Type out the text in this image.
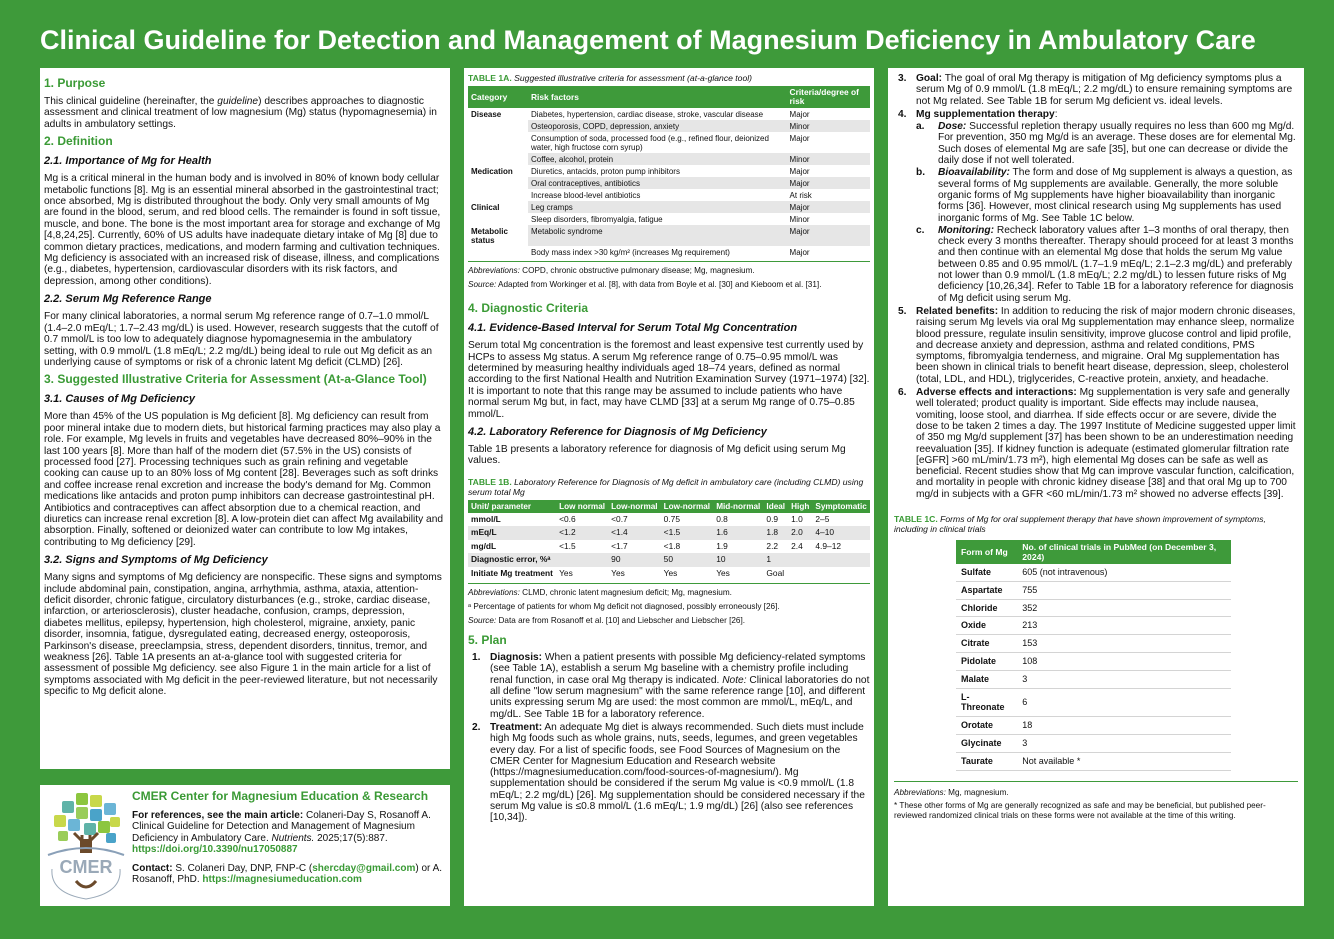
Clinical Guideline for Detection and Management of Magnesium Deficiency in Ambulatory Care
1. Purpose

This clinical guideline (hereinafter, the guideline) describes approaches to diagnostic assessment and clinical treatment of low magnesium (Mg) status (hypomagnesemia) in adults in ambulatory settings.

2. Definition
2.1. Importance of Mg for Health

Mg is a critical mineral in the human body and is involved in 80% of known body cellular metabolic functions [8]. Mg is an essential mineral absorbed in the gastrointestinal tract; once absorbed, Mg is distributed throughout the body. Only very small amounts of Mg are found in the blood, serum, and red blood cells. The remainder is found in soft tissue, muscle, and bone. The bone is the most important area for storage and exchange of Mg [4,8,24,25]. Currently, 60% of US adults have inadequate dietary intake of Mg [8] due to common dietary practices, medications, and modern farming and cultivation techniques. Mg deficiency is associated with an increased risk of disease, illness, and complications (e.g., diabetes, hypertension, cardiovascular disorders with its risk factors, and depression, among other conditions).

2.2. Serum Mg Reference Range

For many clinical laboratories, a normal serum Mg reference range of 0.7–1.0 mmol/L (1.4–2.0 mEq/L; 1.7–2.43 mg/dL) is used. However, research suggests that the cutoff of 0.7 mmol/L is too low to adequately diagnose hypomagnesemia in the ambulatory setting, with 0.9 mmol/L (1.8 mEq/L; 2.2 mg/dL) being ideal to rule out Mg deficit as an underlying cause of symptoms or risk of a chronic latent Mg deficit (CLMD) [26].

3. Suggested Illustrative Criteria for Assessment (At-a-Glance Tool)
3.1. Causes of Mg Deficiency

More than 45% of the US population is Mg deficient [8]. Mg deficiency can result from poor mineral intake due to modern diets, but historical farming practices may also play a role. For example, Mg levels in fruits and vegetables have decreased 80%–90% in the last 100 years [8]. More than half of the modern diet (57.5% in the US) consists of processed food [27]. Processing techniques such as grain refining and vegetable cooking can cause up to an 80% loss of Mg content [28]. Beverages such as soft drinks and coffee increase renal excretion and increase the body's demand for Mg. Common medications like antacids and proton pump inhibitors can decrease gastrointestinal pH. Antibiotics and contraceptives can affect absorption due to a chemical reaction, and diuretics can increase renal excretion [8]. A low-protein diet can affect Mg availability and absorption. Finally, softened or deionized water can contribute to low Mg intakes, contributing to Mg deficiency [29].

3.2. Signs and Symptoms of Mg Deficiency

Many signs and symptoms of Mg deficiency are nonspecific. These signs and symptoms include abdominal pain, constipation, angina, arrhythmia, asthma, ataxia, attention-deficit disorder, chronic fatigue, circulatory disturbances (e.g., stroke, cardiac disease, infarction, or arteriosclerosis), cluster headache, confusion, cramps, depression, diabetes mellitus, epilepsy, hypertension, high cholesterol, migraine, anxiety, panic disorder, insomnia, fatigue, dysregulated eating, decreased energy, osteoporosis, Parkinson's disease, preeclampsia, stress, dependent disorders, tinnitus, tremor, and weakness [26]. Table 1A presents an at-a-glance tool with suggested criteria for assessment of possible Mg deficiency. see also Figure 1 in the main article for a list of symptoms associated with Mg deficit in the peer-reviewed literature, but not necessarily specific to Mg deficit alone.

CMER
CMER Center for Magnesium Education & Research

For references, see the main article: Colaneri-Day S, Rosanoff A. Clinical Guideline for Detection and Management of Magnesium Deficiency in Ambulatory Care. Nutrients. 2025;17(5):887. https://doi.org/10.3390/nu17050887

Contact: S. Colaneri Day, DNP, FNP-C (shercday@gmail.com) or A. Rosanoff, PhD. https://magnesiumeducation.com

TABLE 1A. Suggested illustrative criteria for assessment (at-a-glance tool)
Category	Risk factors	Criteria/degree of risk
Disease	Diabetes, hypertension, cardiac disease, stroke, vascular disease	Major
	Osteoporosis, COPD, depression, anxiety	Minor
	Consumption of soda, processed food (e.g., refined flour, deionized water, high fructose corn syrup)	Major
	Coffee, alcohol, protein	Minor
Medication	Diuretics, antacids, proton pump inhibitors	Major
	Oral contraceptives, antibiotics	Major
	Increase blood-level antibiotics	At risk
Clinical	Leg cramps	Major
	Sleep disorders, fibromyalgia, fatigue	Minor
Metabolic status	Metabolic syndrome	Major
	Body mass index >30 kg/m² (increases Mg requirement)	Major
Abbreviations: COPD, chronic obstructive pulmonary disease; Mg, magnesium.
Source: Adapted from Workinger et al. [8], with data from Boyle et al. [30] and Kieboom et al. [31].
4. Diagnostic Criteria
4.1. Evidence-Based Interval for Serum Total Mg Concentration

Serum total Mg concentration is the foremost and least expensive test currently used by HCPs to assess Mg status. A serum Mg reference range of 0.75–0.95 mmol/L was determined by measuring healthy individuals aged 18–74 years, defined as normal according to the first National Health and Nutrition Examination Survey (1971–1974) [32]. It is important to note that this range may be assumed to include patients who have normal serum Mg but, in fact, may have CLMD [33] at a serum Mg range of 0.75–0.85 mmol/L.

4.2. Laboratory Reference for Diagnosis of Mg Deficiency

Table 1B presents a laboratory reference for diagnosis of Mg deficit using serum Mg values.

TABLE 1B. Laboratory Reference for Diagnosis of Mg deficit in ambulatory care (including CLMD) using serum total Mg
Unit/ parameter	Low normal	Low-normal	Low-normal	Mid-normal	Ideal	High	Symptomatic
mmol/L	<0.6	<0.7	0.75	0.8	0.9	1.0	2–5
mEq/L	<1.2	<1.4	<1.5	1.6	1.8	2.0	4–10
mg/dL	<1.5	<1.7	<1.8	1.9	2.2	2.4	4.9–12
Diagnostic error, %ᵃ		90	50	10	1		
Initiate Mg treatment	Yes	Yes	Yes	Yes	Goal		
Abbreviations: CLMD, chronic latent magnesium deficit; Mg, magnesium.
ᵃ Percentage of patients for whom Mg deficit not diagnosed, possibly erroneously [26].
Source: Data are from Rosanoff et al. [10] and Liebscher and Liebscher [26].
5. Plan
1. Diagnosis: When a patient presents with possible Mg deficiency-related symptoms (see Table 1A), establish a serum Mg baseline with a chemistry profile including renal function, in case oral Mg therapy is indicated. Note: Clinical laboratories do not all define "low serum magnesium" with the same reference range [10], and different units expressing serum Mg are used: the most common are mmol/L, mEq/L, and mg/dL. See Table 1B for a laboratory reference.
2. Treatment: An adequate Mg diet is always recommended. Such diets must include high Mg foods such as whole grains, nuts, seeds, legumes, and green vegetables every day. For a list of specific foods, see Food Sources of Magnesium on the CMER Center for Magnesium Education and Research website (https://magnesiumeducation.com/food-sources-of-magnesium/). Mg supplementation should be considered if the serum Mg value is <0.9 mmol/L (1.8 mEq/L; 2.2 mg/dL) [26]. Mg supplementation should be considered necessary if the serum Mg value is ≤0.8 mmol/L (1.6 mEq/L; 1.9 mg/dL) [26] (also see references [10,34]).
3. Goal: The goal of oral Mg therapy is mitigation of Mg deficiency symptoms plus a serum Mg of 0.9 mmol/L (1.8 mEq/L; 2.2 mg/dL) to ensure remaining symptoms are not Mg related. See Table 1B for serum Mg deficient vs. ideal levels.
4. Mg supplementation therapy:
a. Dose: Successful repletion therapy usually requires no less than 600 mg Mg/d. For prevention, 350 mg Mg/d is an average. These doses are for elemental Mg. Such doses of elemental Mg are safe [35], but one can decrease or divide the daily dose if not well tolerated.
b. Bioavailability: The form and dose of Mg supplement is always a question, as several forms of Mg supplements are available. Generally, the more soluble organic forms of Mg supplements have higher bioavailability than inorganic forms [36]. However, most clinical research using Mg supplements has used inorganic forms of Mg. See Table 1C below.
c. Monitoring: Recheck laboratory values after 1–3 months of oral therapy, then check every 3 months thereafter. Therapy should proceed for at least 3 months and then continue with an elemental Mg dose that holds the serum Mg value between 0.85 and 0.95 mmol/L (1.7–1.9 mEq/L; 2.1–2.3 mg/dL) and preferably not lower than 0.9 mmol/L (1.8 mEq/L; 2.2 mg/dL) to lessen future risks of Mg deficiency [10,26,34]. Refer to Table 1B for a laboratory reference for diagnosis of Mg deficit using serum Mg.
5. Related benefits: In addition to reducing the risk of major modern chronic diseases, raising serum Mg levels via oral Mg supplementation may enhance sleep, normalize blood pressure, regulate insulin sensitivity, improve glucose control and lipid profile, and decrease anxiety and depression, asthma and related conditions, PMS symptoms, fibromyalgia tenderness, and migraine. Oral Mg supplementation has been shown in clinical trials to benefit heart disease, depression, sleep, cholesterol (total, LDL, and HDL), triglycerides, C-reactive protein, anxiety, and headache.
6. Adverse effects and interactions: Mg supplementation is very safe and generally well tolerated; product quality is important. Side effects may include nausea, vomiting, loose stool, and diarrhea. If side effects occur or are severe, divide the dose to be taken 2 times a day. The 1997 Institute of Medicine suggested upper limit of 350 mg Mg/d supplement [37] has been shown to be an underestimation needing reevaluation [35]. If kidney function is adequate (estimated glomerular filtration rate [eGFR] >60 mL/min/1.73 m²), high elemental Mg doses can be safe as well as beneficial. Recent studies show that Mg can improve vascular function, calcification, and mortality in people with chronic kidney disease [38] and that oral Mg up to 700 mg/d in subjects with a GFR <60 mL/min/1.73 m² showed no adverse effects [39].
TABLE 1C. Forms of Mg for oral supplement therapy that have shown improvement of symptoms, including in clinical trials
Form of Mg	No. of clinical trials in PubMed (on December 3, 2024)
Sulfate	605 (not intravenous)
Aspartate	755
Chloride	352
Oxide	213
Citrate	153
Pidolate	108
Malate	3
L-Threonate	6
Orotate	18
Glycinate	3
Taurate	Not available *
Abbreviations: Mg, magnesium.
* These other forms of Mg are generally recognized as safe and may be beneficial, but published peer-reviewed randomized clinical trials on these forms were not available at the time of this writing.
